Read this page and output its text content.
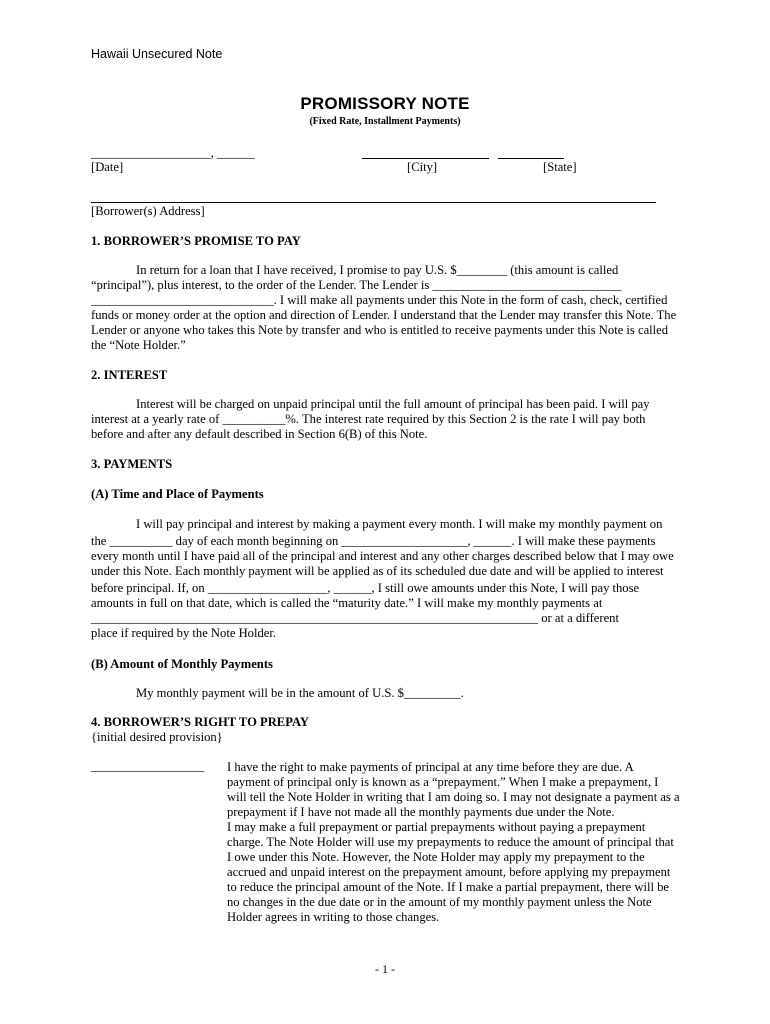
Hawaii Unsecured Note
PROMISSORY NOTE
(Fixed Rate, Installment Payments)
___________________, ______
[Date]	[City]	[State]
[Borrower(s) Address]
1. BORROWER’S PROMISE TO PAY
In return for a loan that I have received, I promise to pay U.S. $________ (this amount is called
“principal”), plus interest, to the order of the Lender. The Lender is ______________________________
_____________________________. I will make all payments under this Note in the form of cash, check, certified
funds or money order at the option and direction of Lender. I understand that the Lender may transfer this Note. The
Lender or anyone who takes this Note by transfer and who is entitled to receive payments under this Note is called
the “Note Holder.”
2. INTEREST
Interest will be charged on unpaid principal until the full amount of principal has been paid. I will pay
interest at a yearly rate of __________%. The interest rate required by this Section 2 is the rate I will pay both
before and after any default described in Section 6(B) of this Note.
3. PAYMENTS
(A) Time and Place of Payments
I will pay principal and interest by making a payment every month. I will make my monthly payment on
the __________ day of each month beginning on ____________________, ______. I will make these payments
every month until I have paid all of the principal and interest and any other charges described below that I may owe
under this Note. Each monthly payment will be applied as of its scheduled due date and will be applied to interest
before principal. If, on ___________________, ______, I still owe amounts under this Note, I will pay those
amounts in full on that date, which is called the “maturity date.” I will make my monthly payments at
_______________________________________________________________________ or at a different
place if required by the Note Holder.
(B) Amount of Monthly Payments
My monthly payment will be in the amount of U.S. $_________.
4. BORROWER’S RIGHT TO PREPAY
{initial desired provision}
__________________ I have the right to make payments of principal at any time before they are due. A
payment of principal only is known as a “prepayment.” When I make a prepayment, I
will tell the Note Holder in writing that I am doing so. I may not designate a payment as a
prepayment if I have not made all the monthly payments due under the Note.
I may make a full prepayment or partial prepayments without paying a prepayment
charge. The Note Holder will use my prepayments to reduce the amount of principal that
I owe under this Note. However, the Note Holder may apply my prepayment to the
accrued and unpaid interest on the prepayment amount, before applying my prepayment
to reduce the principal amount of the Note. If I make a partial prepayment, there will be
no changes in the due date or in the amount of my monthly payment unless the Note
Holder agrees in writing to those changes.
- 1 -
